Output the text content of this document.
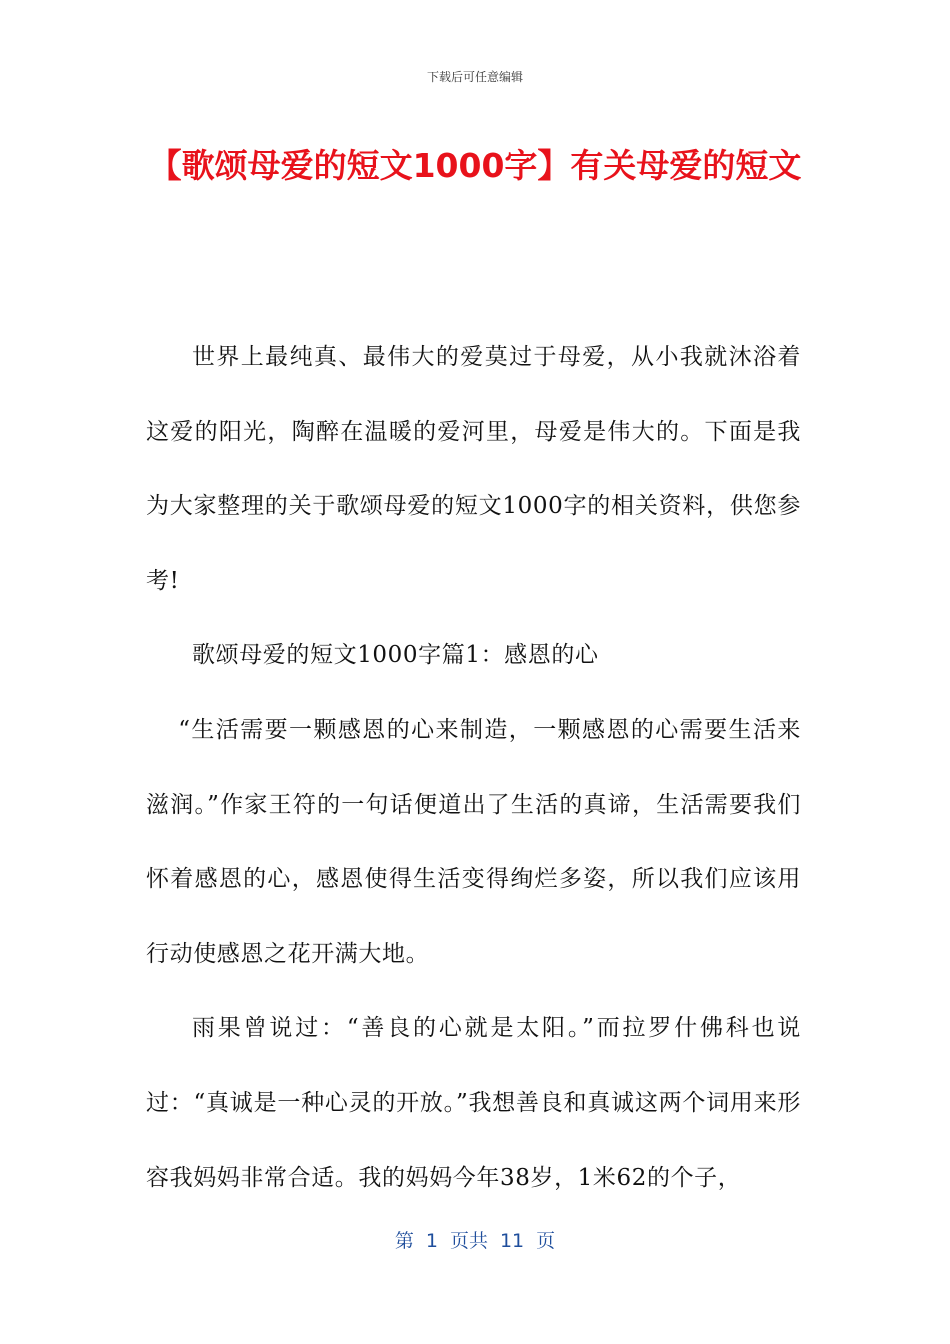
下载后可任意编辑
【歌颂母爱的短文1000字】有关母爱的短文

世界上最纯真、最伟大的爱莫过于母爱，从小我就沐浴着这爱的阳光，陶醉在温暖的爱河里，母爱是伟大的。下面是我为大家整理的关于歌颂母爱的短文1000字的相关资料，供您参考!

歌颂母爱的短文1000字篇1：感恩的心

“生活需要一颗感恩的心来制造，一颗感恩的心需要生活来滋润。”作家王符的一句话便道出了生活的真谛，生活需要我们怀着感恩的心，感恩使得生活变得绚烂多姿，所以我们应该用行动使感恩之花开满大地。

雨果曾说过：“善良的心就是太阳。”而拉罗什佛科也说过：“真诚是一种心灵的开放。”我想善良和真诚这两个词用来形容我妈妈非常合适。我的妈妈今年38岁，1米62的个子，

第 1 页共 11 页
